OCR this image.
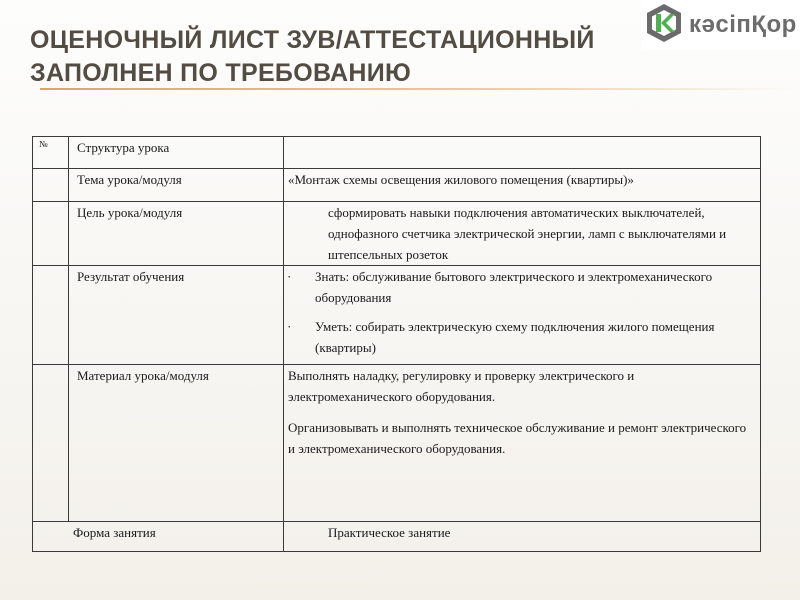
ОЦЕНОЧНЫЙ ЛИСТ ЗУВ/АТТЕСТАЦИОННЫЙ
ЗАПОЛНЕН ПО ТРЕБОВАНИЮ
кәсіпҚор
№	Структура урока	
	Тема урока/модуля	«Монтаж схемы освещения жилового помещения (квартиры)»
	Цель урока/модуля	сформировать навыки подключения автоматических выключателей, однофазного счетчика электрической энергии, ламп с выключателями и штепсельных розеток
	Результат обучения	· Знать: обслуживание бытового электрического и электромеханического оборудования
· Уметь: собирать электрическую схему подключения жилого помещения (квартиры)

	Материал урока/модуля	Выполнять наладку, регулировку и проверку электрического и электромеханического оборудования.
Организовывать и выполнять техническое обслуживание и ремонт электрического и электромеханического оборудования.

Форма занятия		Практическое занятие
